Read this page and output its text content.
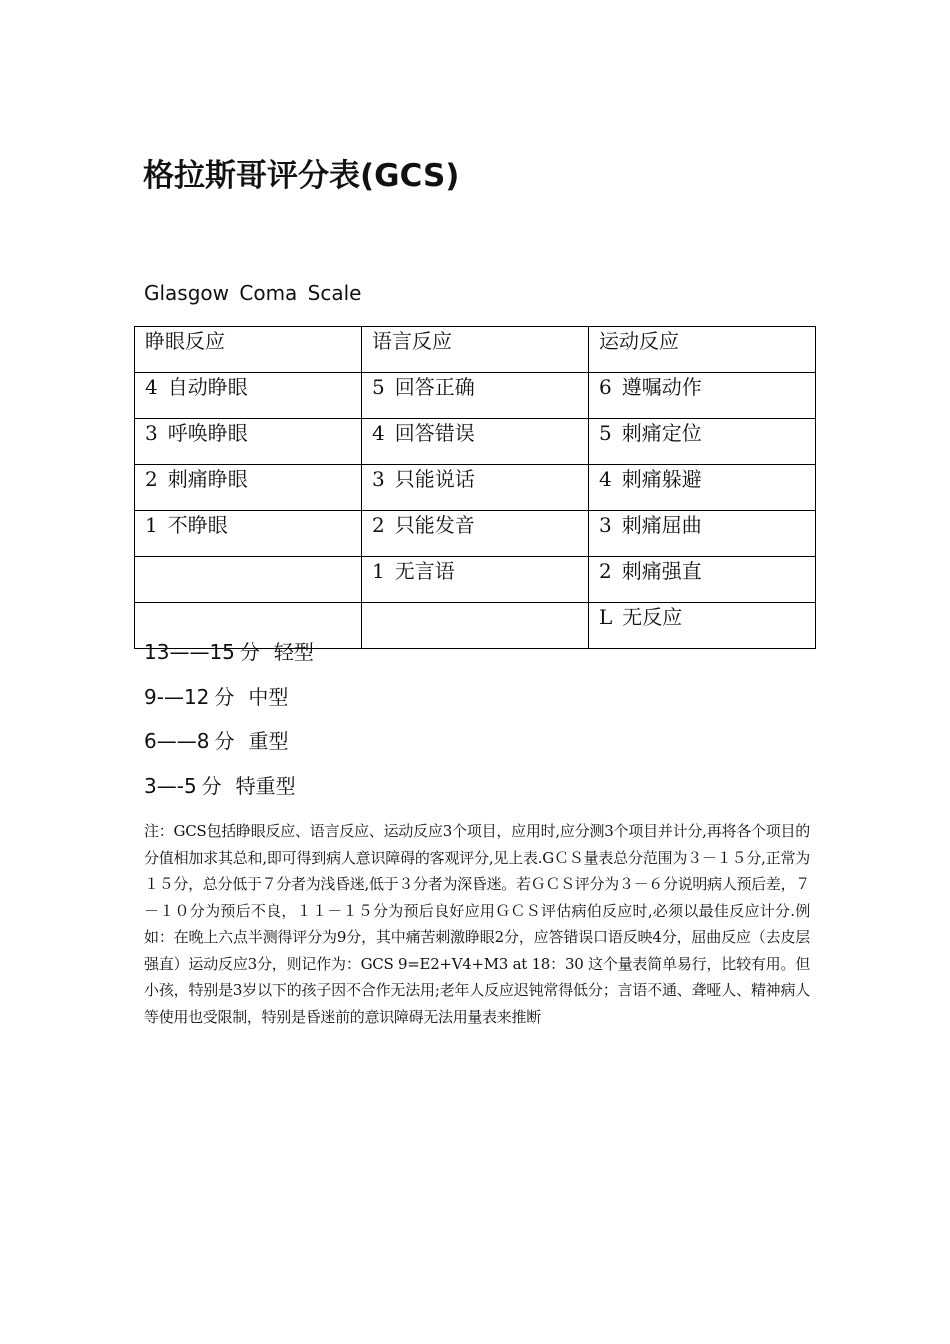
格拉斯哥评分表(GCS)
Glasgow Coma Scale
睁眼反应	语言反应	运动反应
4 自动睁眼	5 回答正确	6 遵嘱动作
3 呼唤睁眼	4 回答错误	5 刺痛定位
2 刺痛睁眼	3 只能说话	4 刺痛躲避
1 不睁眼	2 只能发音	3 刺痛屈曲
	1 无言语	2 刺痛强直
		L 无反应
13——15 分 轻型
9-—12 分 中型
6——8 分 重型
3—-5 分 特重型

注：GCS包括睁眼反应、语言反应、运动反应3个项目，应用时,应分测3个项目并计分,再将各个项目的分值相加求其总和,即可得到病人意识障碍的客观评分,见上表.GＣＳ量表总分范围为３－１５分,正常为１５分，总分低于７分者为浅昏迷,低于３分者为深昏迷。若ＧＣＳ评分为３－６分说明病人预后差，７－１０分为预后不良，１１－１５分为预后良好应用ＧＣＳ评估病伯反应时,必须以最佳反应计分.例如：在晚上六点半测得评分为9分，其中痛苦刺激睁眼2分，应答错误口语反映4分，屈曲反应（去皮层强直）运动反应3分，则记作为：GCS 9=E2+V4+M3 at 18：30 这个量表简单易行，比较有用。但小孩，特别是3岁以下的孩子因不合作无法用;老年人反应迟钝常得低分；言语不通、聋哑人、精神病人等使用也受限制，特别是昏迷前的意识障碍无法用量表来推断
